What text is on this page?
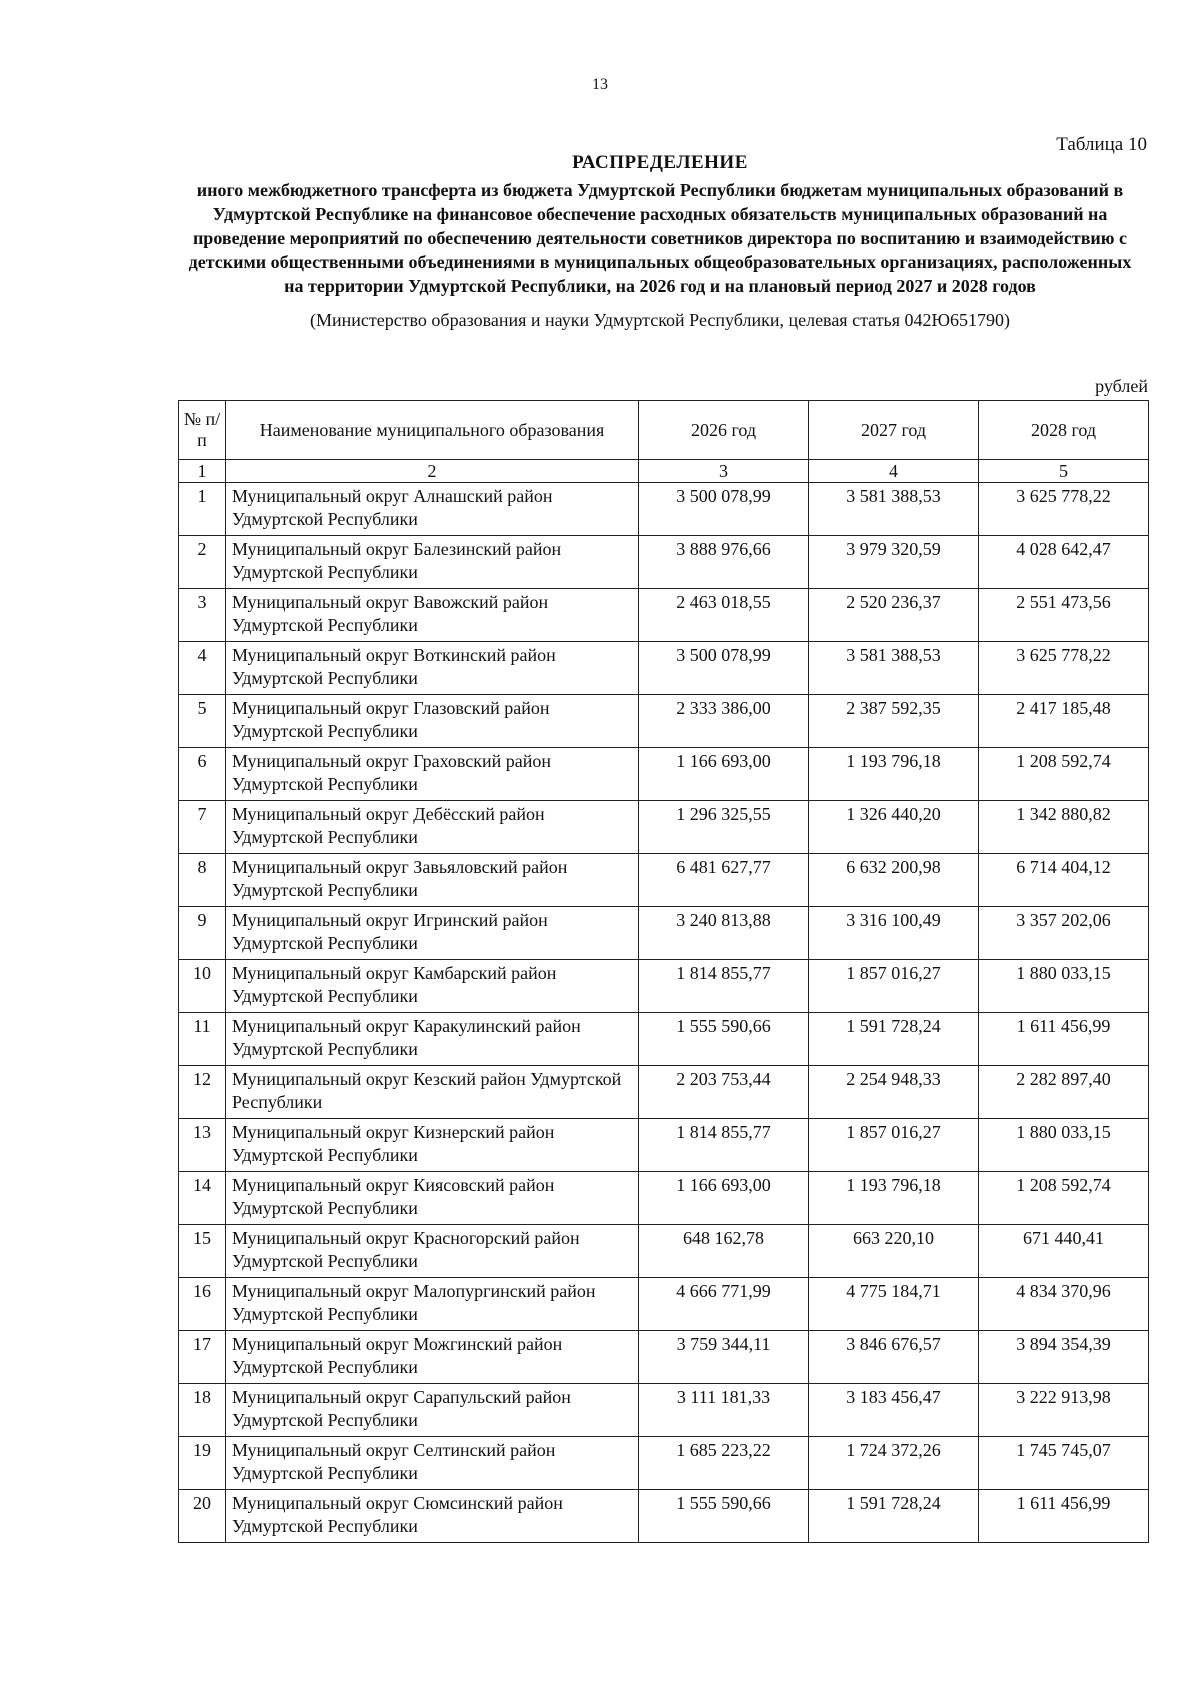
13
Таблица 10
РАСПРЕДЕЛЕНИЕ
иного межбюджетного трансферта из бюджета Удмуртской Республики бюджетам муниципальных образований в Удмуртской Республике на финансовое обеспечение расходных обязательств муниципальных образований на проведение мероприятий по обеспечению деятельности советников директора по воспитанию и взаимодействию с детскими общественными объединениями в муниципальных общеобразовательных организациях, расположенных на территории Удмуртской Республики, на 2026 год и на плановый период 2027 и 2028 годов
(Министерство образования и науки Удмуртской Республики, целевая статья 042Ю651790)
рублей
№ п/п	Наименование муниципального образования	2026 год	2027 год	2028 год
1	2	3	4	5
1	Муниципальный округ Алнашский район Удмуртской Республики	3 500 078,99	3 581 388,53	3 625 778,22
2	Муниципальный округ Балезинский район Удмуртской Республики	3 888 976,66	3 979 320,59	4 028 642,47
3	Муниципальный округ Вавожский район Удмуртской Республики	2 463 018,55	2 520 236,37	2 551 473,56
4	Муниципальный округ Воткинский район Удмуртской Республики	3 500 078,99	3 581 388,53	3 625 778,22
5	Муниципальный округ Глазовский район Удмуртской Республики	2 333 386,00	2 387 592,35	2 417 185,48
6	Муниципальный округ Граховский район Удмуртской Республики	1 166 693,00	1 193 796,18	1 208 592,74
7	Муниципальный округ Дебёсский район Удмуртской Республики	1 296 325,55	1 326 440,20	1 342 880,82
8	Муниципальный округ Завьяловский район Удмуртской Республики	6 481 627,77	6 632 200,98	6 714 404,12
9	Муниципальный округ Игринский район Удмуртской Республики	3 240 813,88	3 316 100,49	3 357 202,06
10	Муниципальный округ Камбарский район Удмуртской Республики	1 814 855,77	1 857 016,27	1 880 033,15
11	Муниципальный округ Каракулинский район Удмуртской Республики	1 555 590,66	1 591 728,24	1 611 456,99
12	Муниципальный округ Кезский район Удмуртской Республики	2 203 753,44	2 254 948,33	2 282 897,40
13	Муниципальный округ Кизнерский район Удмуртской Республики	1 814 855,77	1 857 016,27	1 880 033,15
14	Муниципальный округ Киясовский район Удмуртской Республики	1 166 693,00	1 193 796,18	1 208 592,74
15	Муниципальный округ Красногорский район Удмуртской Республики	648 162,78	663 220,10	671 440,41
16	Муниципальный округ Малопургинский район Удмуртской Республики	4 666 771,99	4 775 184,71	4 834 370,96
17	Муниципальный округ Можгинский район Удмуртской Республики	3 759 344,11	3 846 676,57	3 894 354,39
18	Муниципальный округ Сарапульский район Удмуртской Республики	3 111 181,33	3 183 456,47	3 222 913,98
19	Муниципальный округ Селтинский район Удмуртской Республики	1 685 223,22	1 724 372,26	1 745 745,07
20	Муниципальный округ Сюмсинский район Удмуртской Республики	1 555 590,66	1 591 728,24	1 611 456,99
